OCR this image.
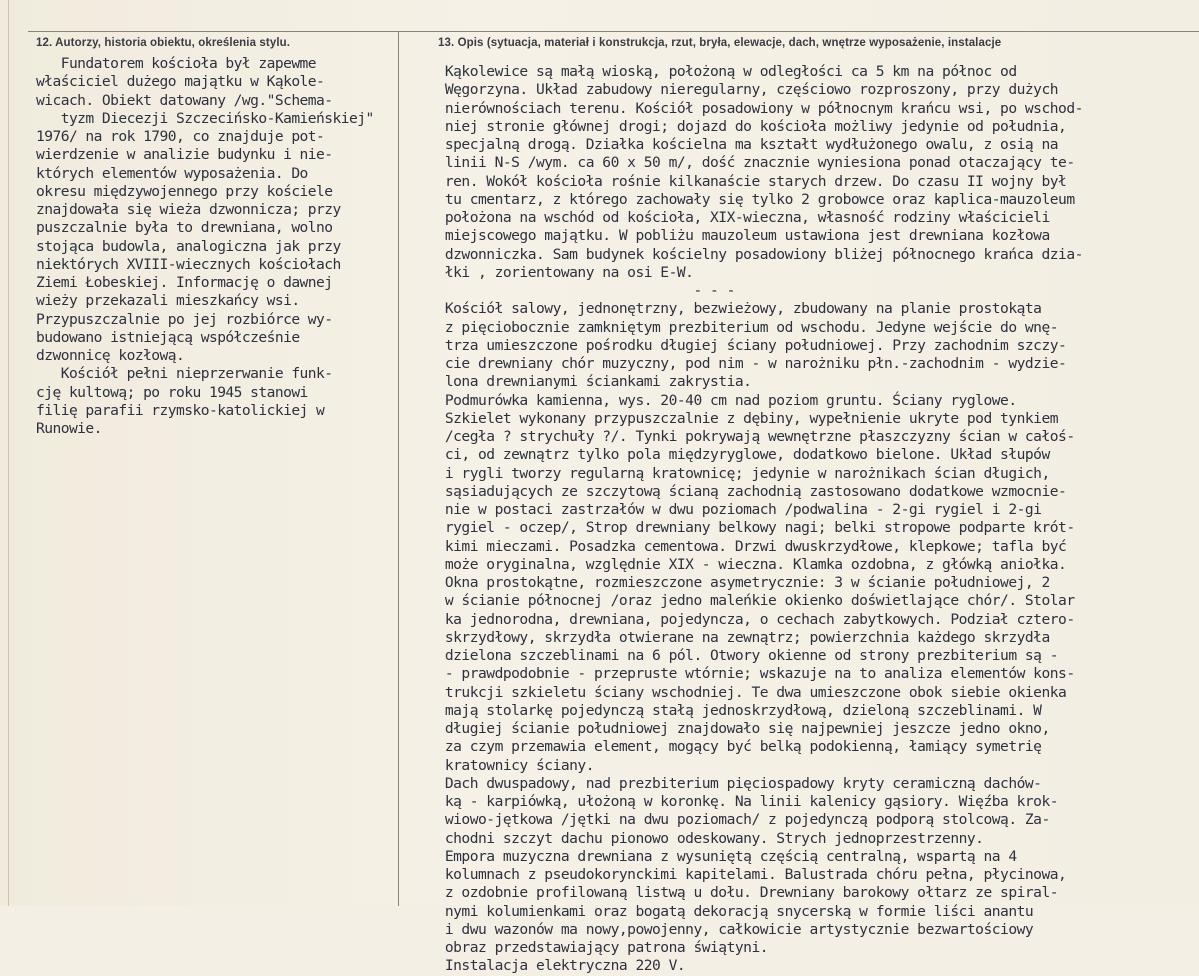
12. Autorzy, historia obiektu, określenia stylu.	13. Opis (sytuacja, materiał i konstrukcja, rzut, bryła, elewacje, dach, wnętrze wyposażenie, instalacje
Fundatorem kościoła był zapewme
właściciel dużego majątku w Kąkole-
wicach. Obiekt datowany /wg."Schema-
tyzm Diecezji Szczecińsko-Kamieńskiej"
1976/ na rok 1790, co znajduje pot-
wierdzenie w analizie budynku i nie-
których elementów wyposażenia. Do
okresu międzywojennego przy kościele
znajdowała się wieża dzwonnicza; przy
puszczalnie była to drewniana, wolno
stojąca budowla, analogiczna jak przy
niektórych XVIII-wiecznych kościołach
Ziemi Łobeskiej. Informację o dawnej
wieży przekazali mieszkańcy wsi.
Przypuszczalnie po jej rozbiórce wy-
budowano istniejącą współcześnie
dzwonnicę kozłową.
Kościół pełni nieprzerwanie funk-
cję kultową; po roku 1945 stanowi
filię parafii rzymsko-katolickiej w
Runowie.
Kąkolewice są małą wioską, położoną w odległości ca 5 km na północ od
Węgorzyna. Układ zabudowy nieregularny, częściowo rozproszony, przy dużych
nierównościach terenu. Kościół posadowiony w północnym krańcu wsi, po wschod-
niej stronie głównej drogi; dojazd do kościoła możliwy jedynie od południa,
specjalną drogą. Działka kościelna ma kształt wydłużonego owalu, z osią na
linii N-S /wym. ca 60 x 50 m/, dość znacznie wyniesiona ponad otaczający te-
ren. Wokół kościoła rośnie kilkanaście starych drzew. Do czasu II wojny był
tu cmentarz, z którego zachowały się tylko 2 grobowce oraz kaplica-mauzoleum
położona na wschód od kościoła, XIX-wieczna, własność rodziny właścicieli
miejscowego majątku. W pobliżu mauzoleum ustawiona jest drewniana kozłowa
dzwonniczka. Sam budynek kościelny posadowiony bliżej północnego krańca dzia-
łki , zorientowany na osi E-W.
- - -
Kościół salowy, jednonętrzny, bezwieżowy, zbudowany na planie prostokąta
z pięciobocznie zamkniętym prezbiterium od wschodu. Jedyne wejście do wnę-
trza umieszczone pośrodku długiej ściany południowej. Przy zachodnim szczy-
cie drewniany chór muzyczny, pod nim - w narożniku płn.-zachodnim - wydzie-
lona drewnianymi ściankami zakrystia.
Podmurówka kamienna, wys. 20-40 cm nad poziom gruntu. Ściany ryglowe.
Szkielet wykonany przypuszczalnie z dębiny, wypełnienie ukryte pod tynkiem
/cegła ? strychuły ?/. Tynki pokrywają wewnętrzne płaszczyzny ścian w całoś-
ci, od zewnątrz tylko pola międzyryglowe, dodatkowo bielone. Układ słupów
i rygli tworzy regularną kratownicę; jedynie w narożnikach ścian długich,
sąsiadujących ze szczytową ścianą zachodnią zastosowano dodatkowe wzmocnie-
nie w postaci zastrzałów w dwu poziomach /podwalina - 2-gi rygiel i 2-gi
rygiel - oczep/, Strop drewniany belkowy nagi; belki stropowe podparte krót-
kimi mieczami. Posadzka cementowa. Drzwi dwuskrzydłowe, klepkowe; tafla być
może oryginalna, względnie XIX - wieczna. Klamka ozdobna, z główką aniołka.
Okna prostokątne, rozmieszczone asymetrycznie: 3 w ścianie południowej, 2
w ścianie północnej /oraz jedno maleńkie okienko doświetlające chór/. Stolar
ka jednorodna, drewniana, pojedyncza, o cechach zabytkowych. Podział cztero-
skrzydłowy, skrzydła otwierane na zewnątrz; powierzchnia każdego skrzydła
dzielona szczeblinami na 6 pól. Otwory okienne od strony prezbiterium są -
- prawdpodobnie - przepruste wtórnie; wskazuje na to analiza elementów kons-
trukcji szkieletu ściany wschodniej. Te dwa umieszczone obok siebie okienka
mają stolarkę pojedynczą stałą jednoskrzydłową, dzieloną szczeblinami. W
długiej ścianie południowej znajdowało się najpewniej jeszcze jedno okno,
za czym przemawia element, mogący być belką podokienną, łamiący symetrię
kratownicy ściany.
Dach dwuspadowy, nad prezbiterium pięciospadowy kryty ceramiczną dachów-
ką - karpiówką, ułożoną w koronkę. Na linii kalenicy gąsiory. Więźba krok-
wiowo-jętkowa /jętki na dwu poziomach/ z pojedynczą podporą stolcową. Za-
chodni szczyt dachu pionowo odeskowany. Strych jednoprzestrzenny.
Empora muzyczna drewniana z wysuniętą częścią centralną, wspartą na 4
kolumnach z pseudokorynckimi kapitelami. Balustrada chóru pełna, płycinowa,
z ozdobnie profilowaną listwą u dołu. Drewniany barokowy ołtarz ze spiral-
nymi kolumienkami oraz bogatą dekoracją snycerską w formie liści anantu
i dwu wazonów ma nowy,powojenny, całkowicie artystycznie bezwartościowy
obraz przedstawiający patrona świątyni.
Instalacja elektryczna 220 V.
